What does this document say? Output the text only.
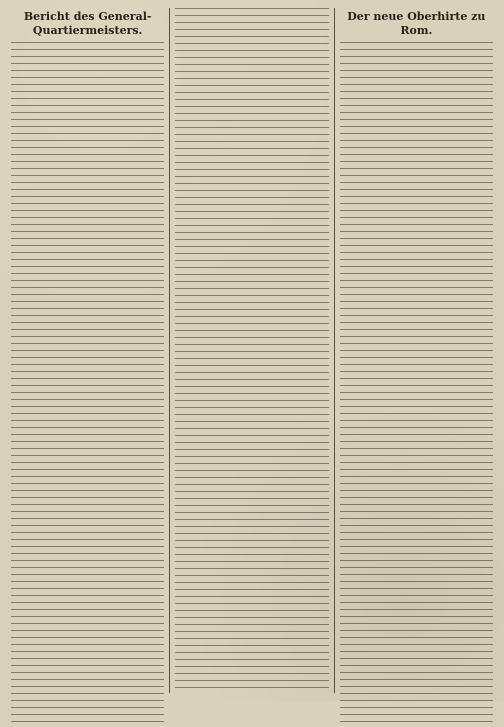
Bericht des General-Quartiermeisters.
Der neue Oberhirte zu Rom.
